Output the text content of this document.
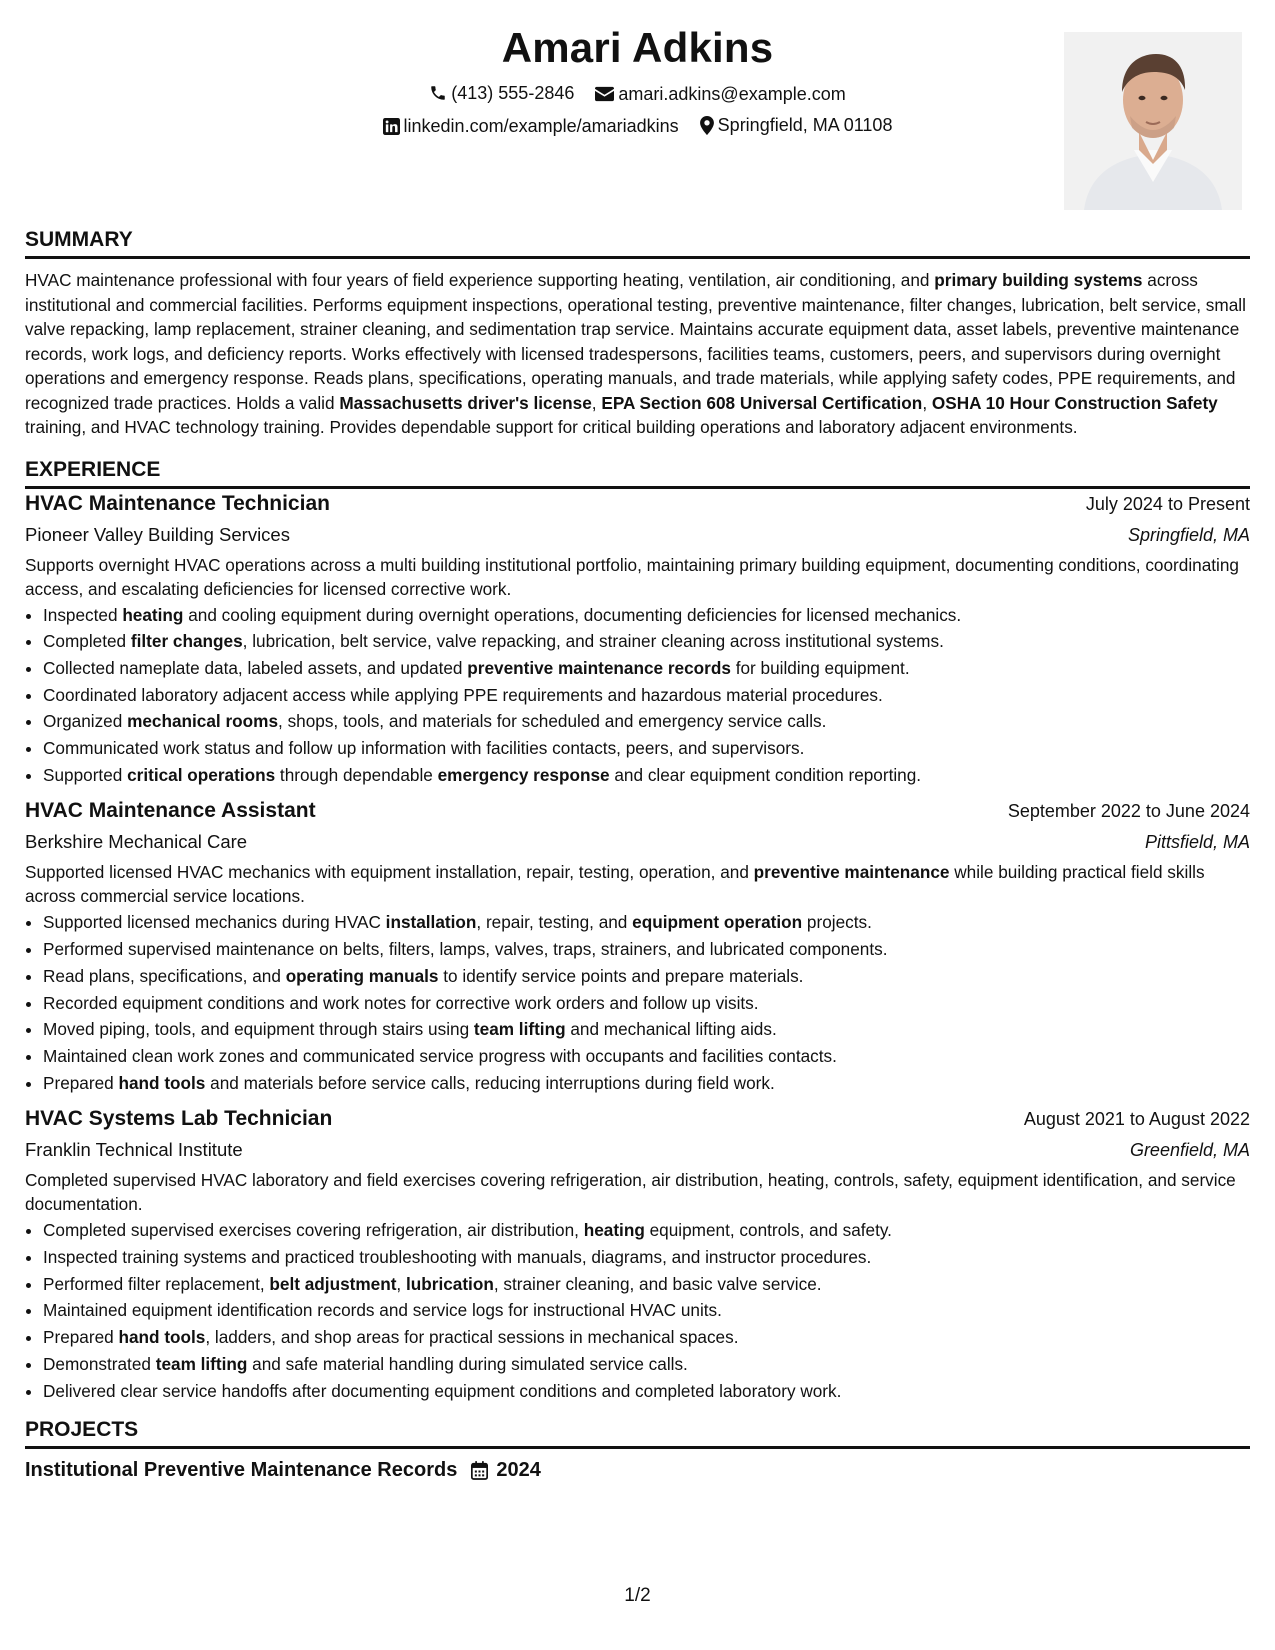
Amari Adkins
(413) 555-2846
amari.adkins@example.com
linkedin.com/example/amariadkins
Springfield, MA 01108
SUMMARY

HVAC maintenance professional with four years of field experience supporting heating, ventilation, air conditioning, and primary building systems across institutional and commercial facilities. Performs equipment inspections, operational testing, preventive maintenance, filter changes, lubrication, belt service, small valve repacking, lamp replacement, strainer cleaning, and sedimentation trap service. Maintains accurate equipment data, asset labels, preventive maintenance records, work logs, and deficiency reports. Works effectively with licensed tradespersons, facilities teams, customers, peers, and supervisors during overnight operations and emergency response. Reads plans, specifications, operating manuals, and trade materials, while applying safety codes, PPE requirements, and recognized trade practices. Holds a valid Massachusetts driver's license, EPA Section 608 Universal Certification, OSHA 10 Hour Construction Safety training, and HVAC technology training. Provides dependable support for critical building operations and laboratory adjacent environments.

EXPERIENCE
HVAC Maintenance Technician	July 2024 to Present
Pioneer Valley Building Services	Springfield, MA
Supports overnight HVAC operations across a multi building institutional portfolio, maintaining primary building equipment, documenting conditions, coordinating access, and escalating deficiencies for licensed corrective work.
• Inspected heating and cooling equipment during overnight operations, documenting deficiencies for licensed mechanics.
• Completed filter changes, lubrication, belt service, valve repacking, and strainer cleaning across institutional systems.
• Collected nameplate data, labeled assets, and updated preventive maintenance records for building equipment.
• Coordinated laboratory adjacent access while applying PPE requirements and hazardous material procedures.
• Organized mechanical rooms, shops, tools, and materials for scheduled and emergency service calls.
• Communicated work status and follow up information with facilities contacts, peers, and supervisors.
• Supported critical operations through dependable emergency response and clear equipment condition reporting.
HVAC Maintenance Assistant	September 2022 to June 2024
Berkshire Mechanical Care	Pittsfield, MA
Supported licensed HVAC mechanics with equipment installation, repair, testing, operation, and preventive maintenance while building practical field skills across commercial service locations.
• Supported licensed mechanics during HVAC installation, repair, testing, and equipment operation projects.
• Performed supervised maintenance on belts, filters, lamps, valves, traps, strainers, and lubricated components.
• Read plans, specifications, and operating manuals to identify service points and prepare materials.
• Recorded equipment conditions and work notes for corrective work orders and follow up visits.
• Moved piping, tools, and equipment through stairs using team lifting and mechanical lifting aids.
• Maintained clean work zones and communicated service progress with occupants and facilities contacts.
• Prepared hand tools and materials before service calls, reducing interruptions during field work.
HVAC Systems Lab Technician	August 2021 to August 2022
Franklin Technical Institute	Greenfield, MA
Completed supervised HVAC laboratory and field exercises covering refrigeration, air distribution, heating, controls, safety, equipment identification, and service documentation.
• Completed supervised exercises covering refrigeration, air distribution, heating equipment, controls, and safety.
• Inspected training systems and practiced troubleshooting with manuals, diagrams, and instructor procedures.
• Performed filter replacement, belt adjustment, lubrication, strainer cleaning, and basic valve service.
• Maintained equipment identification records and service logs for instructional HVAC units.
• Prepared hand tools, ladders, and shop areas for practical sessions in mechanical spaces.
• Demonstrated team lifting and safe material handling during simulated service calls.
• Delivered clear service handoffs after documenting equipment conditions and completed laboratory work.
PROJECTS
Institutional Preventive Maintenance Records 2024
1/2
